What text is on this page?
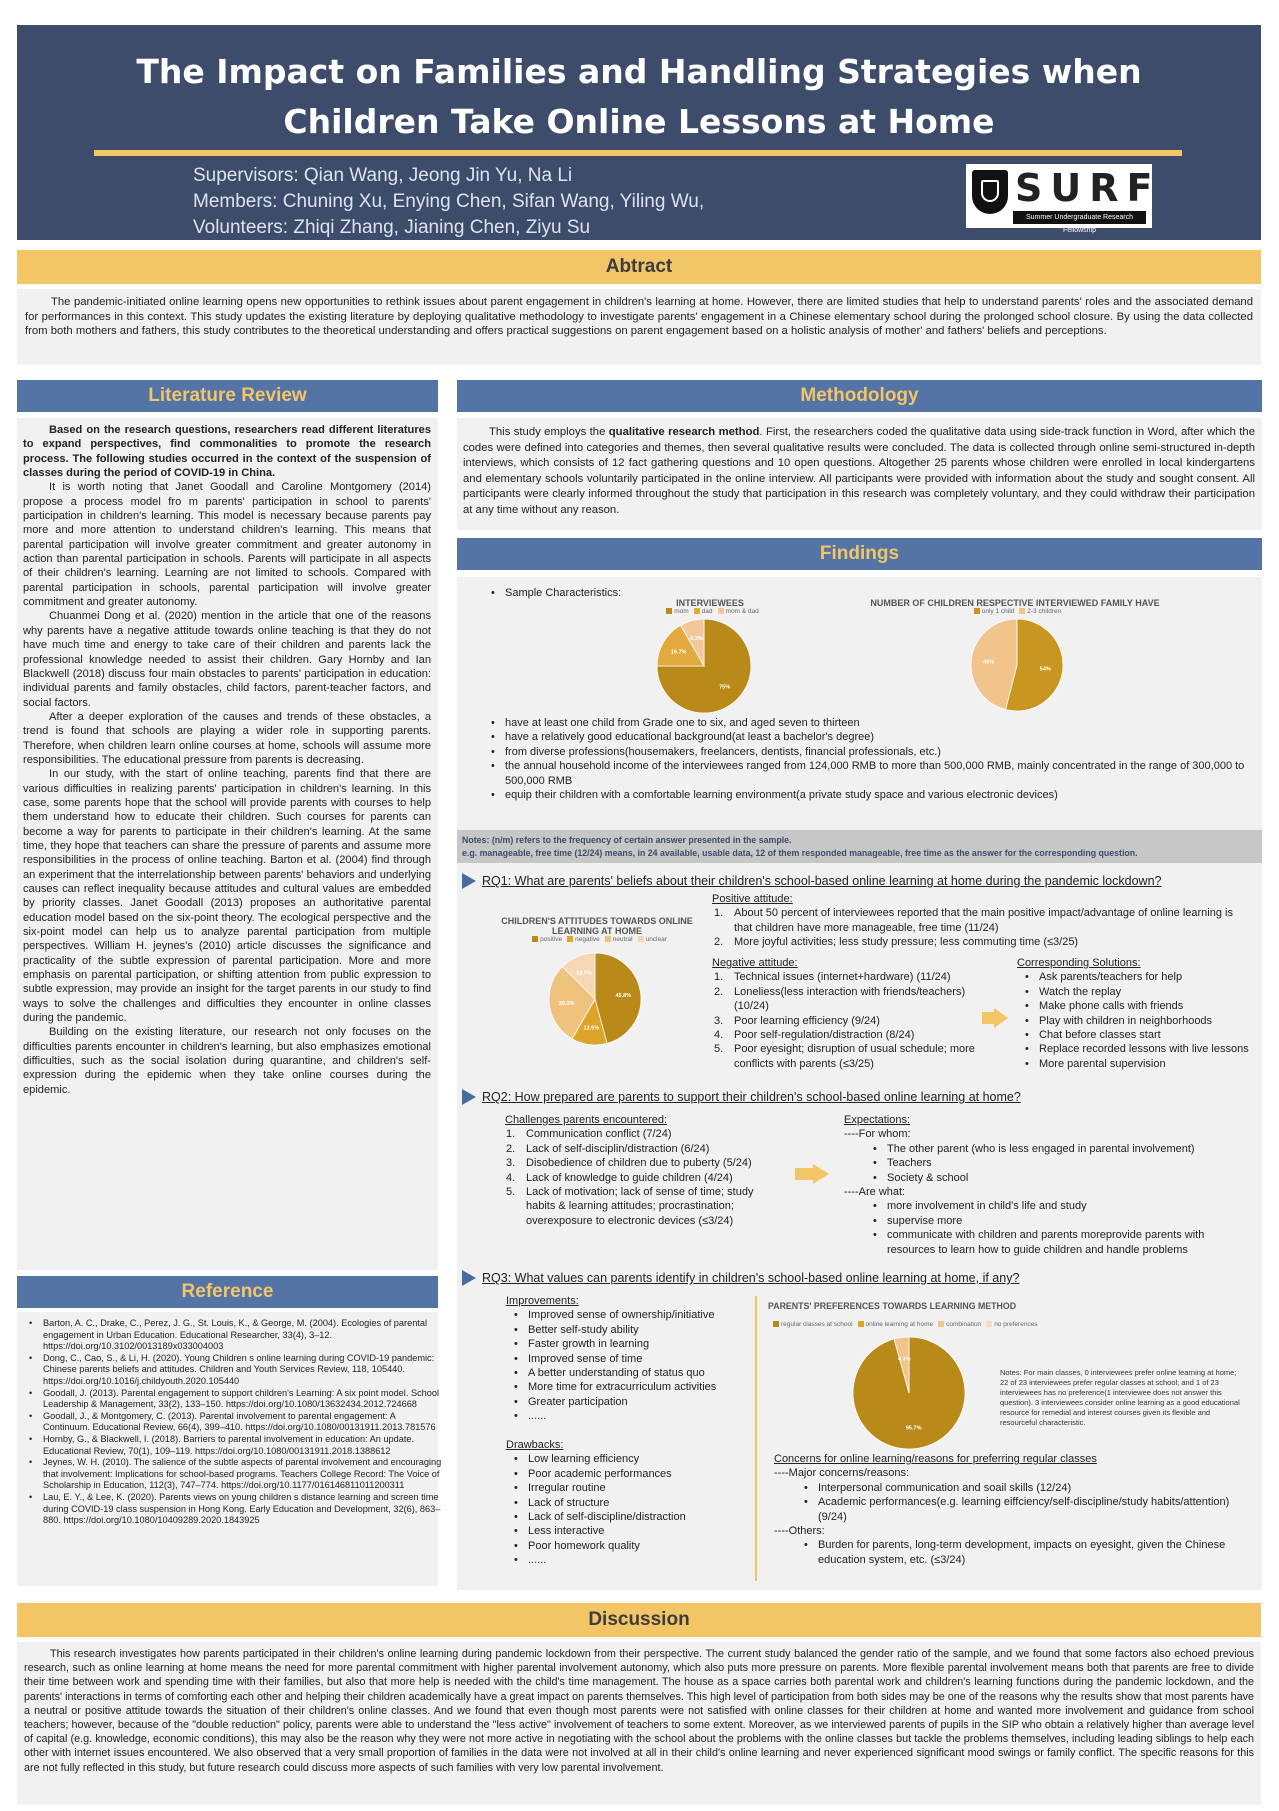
The Impact on Families and Handling Strategies when
Children Take Online Lessons at Home
Supervisors: Qian Wang, Jeong Jin Yu, Na Li
Members: Chuning Xu, Enying Chen, Sifan Wang, Yiling Wu,
Volunteers: Zhiqi Zhang, Jianing Chen, Ziyu Su
SURF
Summer Undergraduate Research Fellowship
Abtract

The pandemic-initiated online learning opens new opportunities to rethink issues about parent engagement in children's learning at home. However, there are limited studies that help to understand parents' roles and the associated demand for performances in this context. This study updates the existing literature by deploying qualitative methodology to investigate parents' engagement in a Chinese elementary school during the prolonged school closure. By using the data collected from both mothers and fathers, this study contributes to the theoretical understanding and offers practical suggestions on parent engagement based on a holistic analysis of mother' and fathers' beliefs and perceptions.

Literature Review

Based on the research questions, researchers read different literatures to expand perspectives, find commonalities to promote the research process. The following studies occurred in the context of the suspension of classes during the period of COVID-19 in China.

It is worth noting that Janet Goodall and Caroline Montgomery (2014) propose a process model fro m parents' participation in school to parents' participation in children's learning. This model is necessary because parents pay more and more attention to understand children's learning. This means that parental participation will involve greater commitment and greater autonomy in action than parental participation in schools. Parents will participate in all aspects of their children's learning. Learning are not limited to schools. Compared with parental participation in schools, parental participation will involve greater commitment and greater autonomy.

Chuanmei Dong et al. (2020) mention in the article that one of the reasons why parents have a negative attitude towards online teaching is that they do not have much time and energy to take care of their children and parents lack the professional knowledge needed to assist their children. Gary Hornby and Ian Blackwell (2018) discuss four main obstacles to parents' participation in education: individual parents and family obstacles, child factors, parent-teacher factors, and social factors.

After a deeper exploration of the causes and trends of these obstacles, a trend is found that schools are playing a wider role in supporting parents. Therefore, when children learn online courses at home, schools will assume more responsibilities. The educational pressure from parents is decreasing.

In our study, with the start of online teaching, parents find that there are various difficulties in realizing parents' participation in children's learning. In this case, some parents hope that the school will provide parents with courses to help them understand how to educate their children. Such courses for parents can become a way for parents to participate in their children's learning. At the same time, they hope that teachers can share the pressure of parents and assume more responsibilities in the process of online teaching. Barton et al. (2004) find through an experiment that the interrelationship between parents' behaviors and underlying causes can reflect inequality because attitudes and cultural values are embedded by priority classes. Janet Goodall (2013) proposes an authoritative parental education model based on the six-point theory. The ecological perspective and the six-point model can help us to analyze parental participation from multiple perspectives. William H. jeynes's (2010) article discusses the significance and practicality of the subtle expression of parental participation. More and more emphasis on parental participation, or shifting attention from public expression to subtle expression, may provide an insight for the target parents in our study to find ways to solve the challenges and difficulties they encounter in online classes during the pandemic.

Building on the existing literature, our research not only focuses on the difficulties parents encounter in children's learning, but also emphasizes emotional difficulties, such as the social isolation during quarantine, and children's self-expression during the epidemic when they take online courses during the epidemic.

Reference
• Barton, A. C., Drake, C., Perez, J. G., St. Louis, K., & George, M. (2004). Ecologies of parental engagement in Urban Education. Educational Researcher, 33(4), 3–12. https://doi.org/10.3102/0013189x033004003
• Dong, C., Cao, S., & Li, H. (2020). Young Children s online learning during COVID-19 pandemic: Chinese parents beliefs and attitudes. Children and Youth Services Review, 118, 105440. https://doi.org/10.1016/j.childyouth.2020.105440
• Goodall, J. (2013). Parental engagement to support children's Learning: A six point model. School Leadership & Management, 33(2), 133–150. https://doi.org/10.1080/13632434.2012.724668
• Goodall, J., & Montgomery, C. (2013). Parental involvement to parental engagement: A Continuum. Educational Review, 66(4), 399–410. https://doi.org/10.1080/00131911.2013.781576
• Hornby, G., & Blackwell, I. (2018). Barriers to parental involvement in education: An update. Educational Review, 70(1), 109–119. https://doi.org/10.1080/00131911.2018.1388612
• Jeynes, W. H. (2010). The salience of the subtle aspects of parental involvement and encouraging that involvement: Implications for school-based programs. Teachers College Record: The Voice of Scholarship in Education, 112(3), 747–774. https://doi.org/10.1177/016146811011200311
• Lau, E. Y., & Lee, K. (2020). Parents views on young children s distance learning and screen time during COVID-19 class suspension in Hong Kong. Early Education and Development, 32(6), 863–880. https://doi.org/10.1080/10409289.2020.1843925
Methodology

This study employs the qualitative research method. First, the researchers coded the qualitative data using side-track function in Word, after which the codes were defined into categories and themes, then several qualitative results were concluded. The data is collected through online semi-structured in-depth interviews, which consists of 12 fact gathering questions and 10 open questions. Altogether 25 parents whose children were enrolled in local kindergartens and elementary schools voluntarily participated in the online interview. All participants were provided with information about the study and sought consent. All participants were clearly informed throughout the study that participation in this research was completely voluntary, and they could withdraw their participation at any time without any reason.

Findings
• Sample Characteristics:
INTERVIEWEES
mom dad mom & dad
75%
16.7%
8.3%
NUMBER OF CHILDREN RESPECTIVE INTERVIEWED FAMILY HAVE
only 1 child 2-3 children
54%
46%
• have at least one child from Grade one to six, and aged seven to thirteen
• have a relatively good educational background(at least a bachelor's degree)
• from diverse professions(housemakers, freelancers, dentists, financial professionals, etc.)
• the annual household income of the interviewees ranged from 124,000 RMB to more than 500,000 RMB, mainly concentrated in the range of 300,000 to 500,000 RMB
• equip their children with a comfortable learning environment(a private study space and various electronic devices)
Notes: (n/m) refers to the frequency of certain answer presented in the sample.
e.g. manageable, free time (12/24) means, in 24 available, usable data, 12 of them responded manageable, free time as the answer for the corresponding question.
RQ1: What are parents' beliefs about their children's school-based online learning at home during the pandemic lockdown?
CHILDREN'S ATTITUDES TOWARDS ONLINE LEARNING AT HOME
positive negative neutral unclear
45.8%
12.5%
29.2%
12.5%
Positive attitude:
1. About 50 percent of interviewees reported that the main positive impact/advantage of online learning is that children have more manageable, free time (11/24)
2. More joyful activities; less study pressure; less commuting time (≤3/25)
Negative attitude:
1. Technical issues (internet+hardware) (11/24)
2. Loneliess(less interaction with friends/teachers) (10/24)
3. Poor learning efficiency (9/24)
4. Poor self-regulation/distraction (8/24)
5. Poor eyesight; disruption of usual schedule; more conflicts with parents (≤3/25)
Corresponding Solutions:
• Ask parents/teachers for help
• Watch the replay
• Make phone calls with friends
• Play with children in neighborhoods
• Chat before classes start
• Replace recorded lessons with live lessons
• More parental supervision
RQ2: How prepared are parents to support their children's school-based online learning at home?
Challenges parents encountered:
1. Communication conflict (7/24)
2. Lack of self-disciplin/distraction (6/24)
3. Disobedience of children due to puberty (5/24)
4. Lack of knowledge to guide children (4/24)
5. Lack of motivation; lack of sense of time; study habits & learning attitudes; procrastination; overexposure to electronic devices (≤3/24)
Expectations:
----For whom:
• The other parent (who is less engaged in parental involvement)
• Teachers
• Society & school
----Are what:
• more involvement in child's life and study
• supervise more
• communicate with children and parents moreprovide parents with resources to learn how to guide children and handle problems
RQ3: What values can parents identify in children's school-based online learning at home, if any?
Improvements:
• Improved sense of ownership/initiative
• Better self-study ability
• Faster growth in learning
• Improved sense of time
• A better understanding of status quo
• More time for extracurriculum activities
• Greater participation
• ......
Drawbacks:
• Low learning efficiency
• Poor academic performances
• Irregular routine
• Lack of structure
• Lack of self-discipline/distraction
• Less interactive
• Poor homework quality
• ......
PARENTS' PREFERENCES TOWARDS LEARNING METHOD
regular classes at school online learning at home combination no preferences
95.7%
4.3%
Notes: For main classes, 0 interviewees prefer online learning at home; 22 of 23 interviewees prefer regular classes at school; and 1 of 23 interviewees has no preference(1 interviewee does not answer this question). 3 interviewees consider online learning as a good educational resource for remedial and interest courses given its flexible and resourceful characteristic.
Concerns for online learning/reasons for preferring regular classes
----Major concerns/reasons:
• Interpersonal communication and soail skills (12/24)
• Academic performances(e.g. learning eiffciency/self-discipline/study habits/attention) (9/24)
----Others:
• Burden for parents, long-term development, impacts on eyesight, given the Chinese education system, etc. (≤3/24)
Discussion

This research investigates how parents participated in their children's online learning during pandemic lockdown from their perspective. The current study balanced the gender ratio of the sample, and we found that some factors also echoed previous research, such as online learning at home means the need for more parental commitment with higher parental involvement autonomy, which also puts more pressure on parents. More flexible parental involvement means both that parents are free to divide their time between work and spending time with their families, but also that more help is needed with the child's time management. The house as a space carries both parental work and children's learning functions during the pandemic lockdown, and the parents' interactions in terms of comforting each other and helping their children academically have a great impact on parents themselves. This high level of participation from both sides may be one of the reasons why the results show that most parents have a neutral or positive attitude towards the situation of their children's online classes. And we found that even though most parents were not satisfied with online classes for their children at home and wanted more involvement and guidance from school teachers; however, because of the "double reduction" policy, parents were able to understand the "less active" involvement of teachers to some extent. Moreover, as we interviewed parents of pupils in the SIP who obtain a relatively higher than average level of capital (e.g. knowledge, economic conditions), this may also be the reason why they were not more active in negotiating with the school about the problems with the online classes but tackle the problems themselves, including leading siblings to help each other with internet issues encountered. We also observed that a very small proportion of families in the data were not involved at all in their child's online learning and never experienced significant mood swings or family conflict. The specific reasons for this are not fully reflected in this study, but future research could discuss more aspects of such families with very low parental involvement.
